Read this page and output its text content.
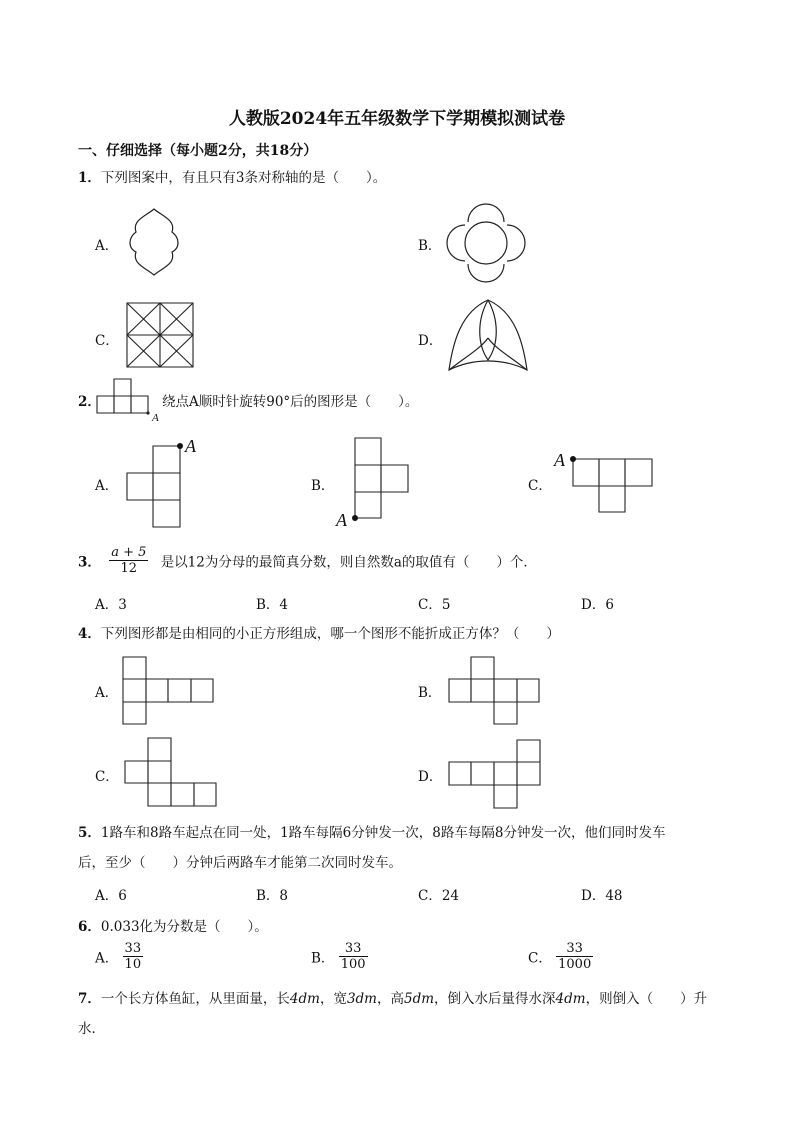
人教版2024年五年级数学下学期模拟测试卷
一、仔细选择（每小题2分，共18分）
1．下列图案中，有且只有3条对称轴的是（　　）。
A．	B．
C．	D．
2．
A
绕点A顺时针旋转90°后的图形是（　　）。
A．
A
B．
A
C．
A
3． $\frac{a + 5}{12}$ 是以12为分母的最简真分数，则自然数a的取值有（　　）个．
A．3	B．4	C．5	D．6
4．下列图形都是由相同的小正方形组成，哪一个图形不能折成正方体？（　　）
A．	B．
C．	D．
5．1路车和8路车起点在同一处，1路车每隔6分钟发一次，8路车每隔8分钟发一次，他们同时发车
后，至少（　　）分钟后两路车才能第二次同时发车。
A．6	B．8	C．24	D．48
6．0.033化为分数是（　　）。
A． $\frac{33}{10}$	B． $\frac{33}{100}$	C． $\frac{33}{1000}$
7．一个长方体鱼缸，从里面量，长4dm，宽3dm，高5dm，倒入水后量得水深4dm，则倒入（　　）升
水．
